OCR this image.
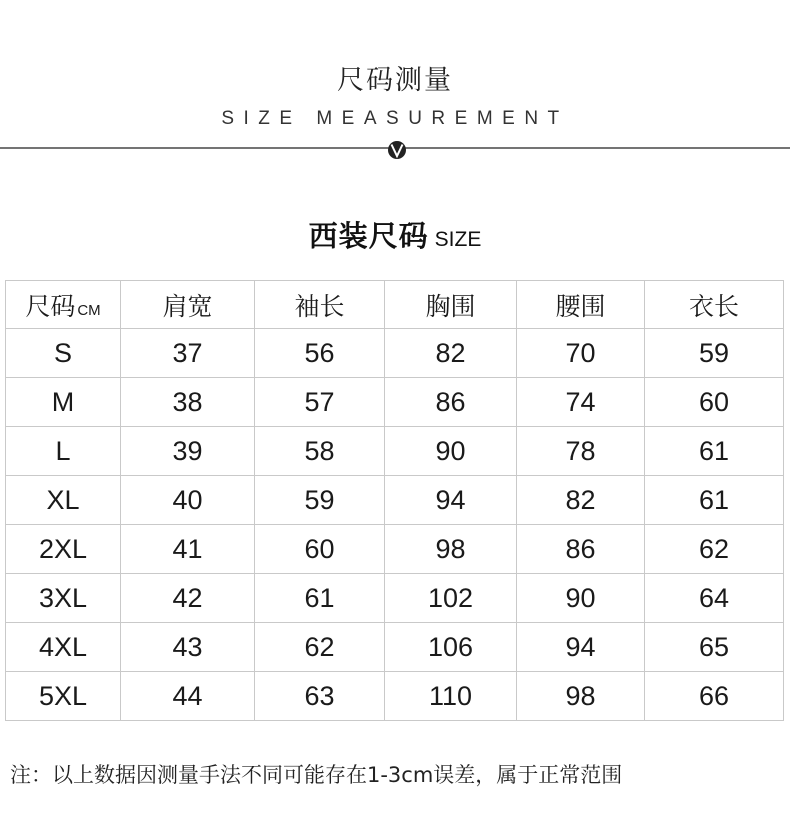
尺码测量
SIZE MEASUREMENT
西装尺码 SIZE
尺码 CM	肩宽	袖长	胸围	腰围	衣长
S	37	56	82	70	59
M	38	57	86	74	60
L	39	58	90	78	61
XL	40	59	94	82	61
2XL	41	60	98	86	62
3XL	42	61	102	90	64
4XL	43	62	106	94	65
5XL	44	63	110	98	66
注：以上数据因测量手法不同可能存在1-3cm误差，属于正常范围
